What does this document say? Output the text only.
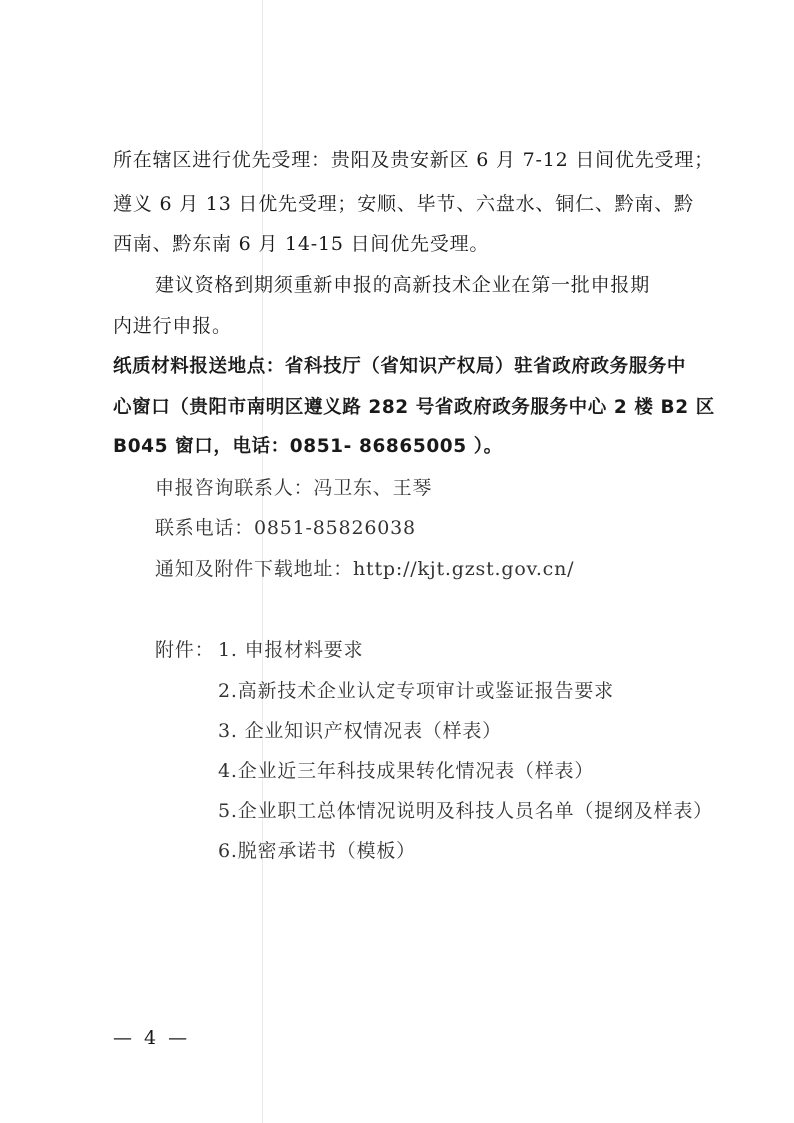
所在辖区进行优先受理：贵阳及贵安新区 6 月 7-12 日间优先受理；
遵义 6 月 13 日优先受理；安顺、毕节、六盘水、铜仁、黔南、黔
西南、黔东南 6 月 14-15 日间优先受理。
建议资格到期须重新申报的高新技术企业在第一批申报期
内进行申报。
纸质材料报送地点：省科技厅（省知识产权局）驻省政府政务服务中
心窗口（贵阳市南明区遵义路 282 号省政府政务服务中心 2 楼 B2 区
B045 窗口，电话：0851- 86865005 ）。
申报咨询联系人：冯卫东、王琴
联系电话：0851-85826038
通知及附件下载地址：http://kjt.gzst.gov.cn/
附件： 1. 申报材料要求
2.高新技术企业认定专项审计或鉴证报告要求
3. 企业知识产权情况表（样表）
4.企业近三年科技成果转化情况表（样表）
5.企业职工总体情况说明及科技人员名单（提纲及样表）
6.脱密承诺书（模板）
— 4 —
